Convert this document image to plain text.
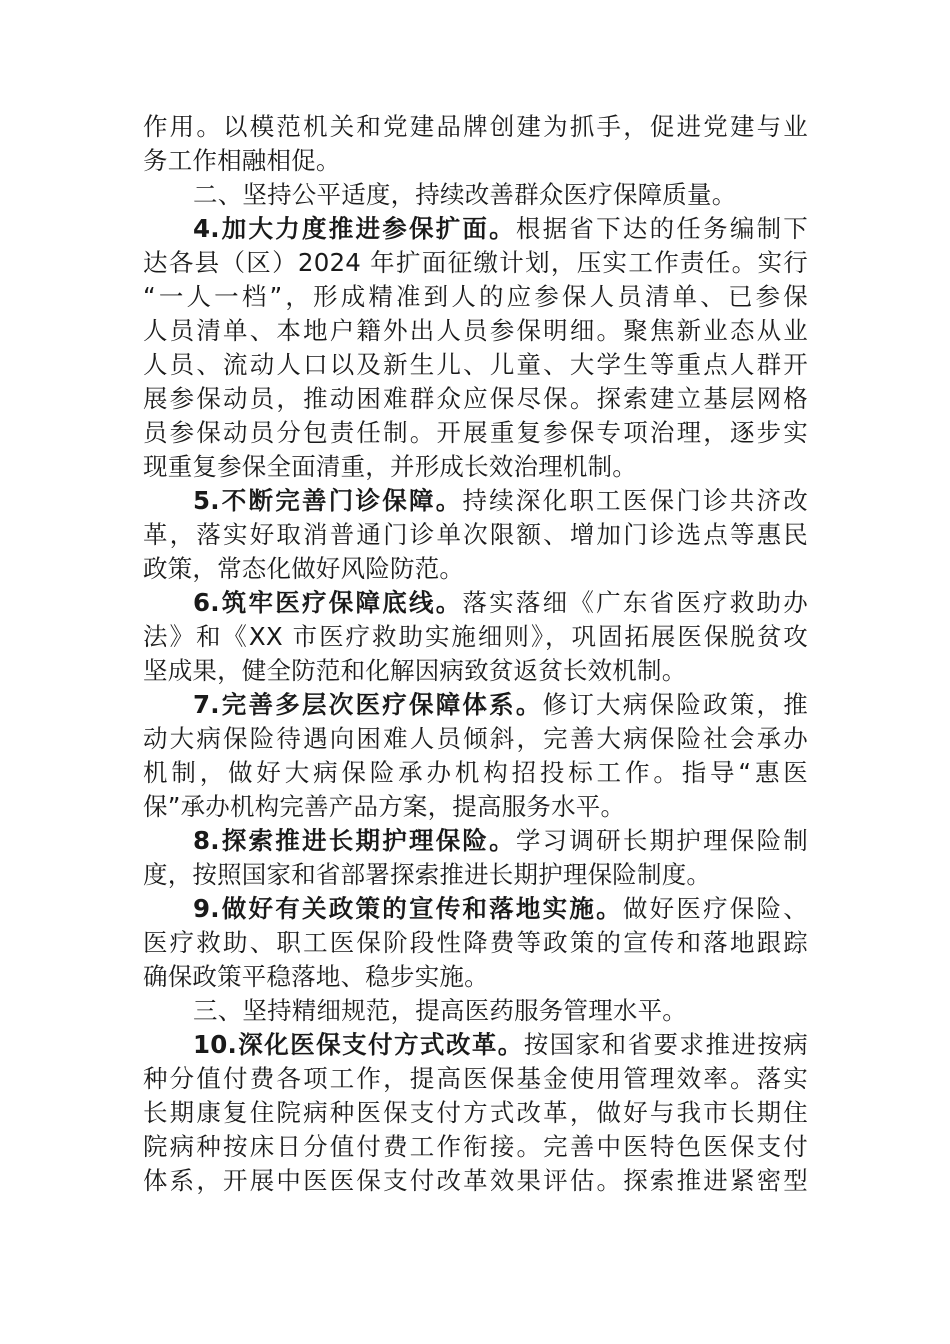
作用。以模范机关和党建品牌创建为抓手，促进党建与业
务工作相融相促。
二、坚持公平适度，持续改善群众医疗保障质量。
4.加大力度推进参保扩面。根据省下达的任务编制下
达各县（区）2024 年扩面征缴计划，压实工作责任。实行
“一人一档”，形成精准到人的应参保人员清单、已参保
人员清单、本地户籍外出人员参保明细。聚焦新业态从业
人员、流动人口以及新生儿、儿童、大学生等重点人群开
展参保动员，推动困难群众应保尽保。探索建立基层网格
员参保动员分包责任制。开展重复参保专项治理，逐步实
现重复参保全面清重，并形成长效治理机制。
5.不断完善门诊保障。持续深化职工医保门诊共济改
革，落实好取消普通门诊单次限额、增加门诊选点等惠民
政策，常态化做好风险防范。
6.筑牢医疗保障底线。落实落细《广东省医疗救助办
法》和《XX 市医疗救助实施细则》，巩固拓展医保脱贫攻
坚成果，健全防范和化解因病致贫返贫长效机制。
7.完善多层次医疗保障体系。修订大病保险政策，推
动大病保险待遇向困难人员倾斜，完善大病保险社会承办
机制，做好大病保险承办机构招投标工作。指导“惠医
保”承办机构完善产品方案，提高服务水平。
8.探索推进长期护理保险。学习调研长期护理保险制
度，按照国家和省部署探索推进长期护理保险制度。
9.做好有关政策的宣传和落地实施。做好医疗保险、
医疗救助、职工医保阶段性降费等政策的宣传和落地跟踪
确保政策平稳落地、稳步实施。
三、坚持精细规范，提高医药服务管理水平。
10.深化医保支付方式改革。按国家和省要求推进按病
种分值付费各项工作，提高医保基金使用管理效率。落实
长期康复住院病种医保支付方式改革，做好与我市长期住
院病种按床日分值付费工作衔接。完善中医特色医保支付
体系，开展中医医保支付改革效果评估。探索推进紧密型
